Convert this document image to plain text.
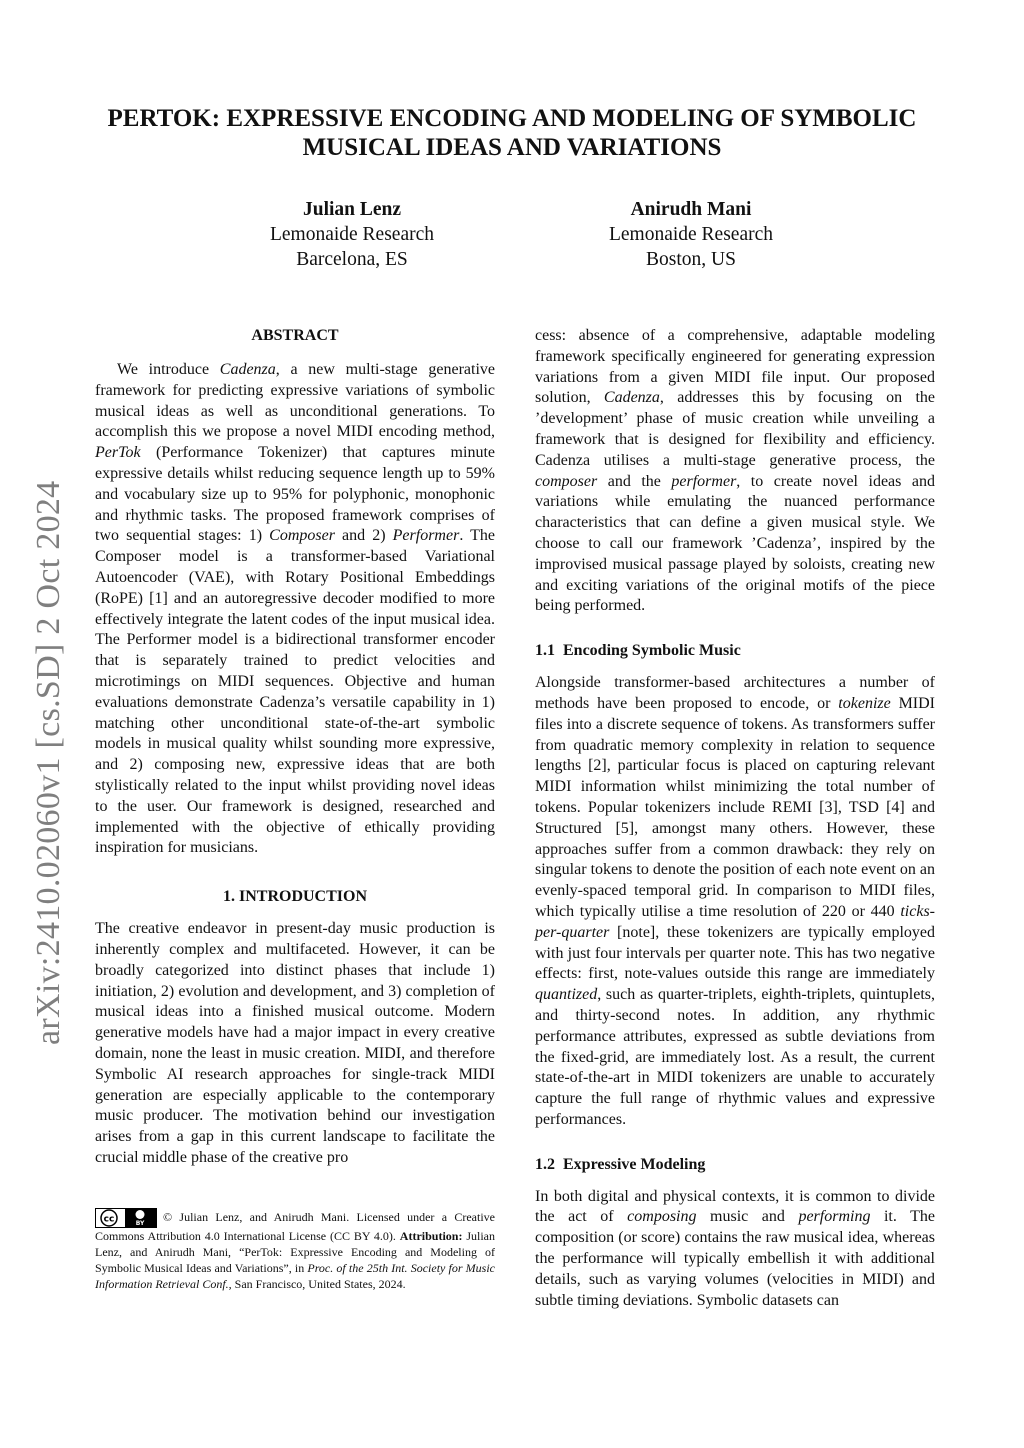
PERTOK: EXPRESSIVE ENCODING AND MODELING OF SYMBOLIC
MUSICAL IDEAS AND VARIATIONS
Julian Lenz
Lemonaide Research
Barcelona, ES
Anirudh Mani
Lemonaide Research
Boston, US
arXiv:2410.02060v1 [cs.SD] 2 Oct 2024

ABSTRACT

We introduce Cadenza, a new multi-stage generative framework for predicting expressive variations of symbolic musical ideas as well as unconditional generations. To accomplish this we propose a novel MIDI encoding method, PerTok (Performance Tokenizer) that captures minute expressive details whilst reducing sequence length up to 59% and vocabulary size up to 95% for polyphonic, monophonic and rhythmic tasks. The proposed framework comprises of two sequential stages: 1) Composer and 2) Performer. The Composer model is a transformer-based Variational Autoencoder (VAE), with Rotary Positional Embeddings (RoPE) [1] and an autoregressive decoder modified to more effectively integrate the latent codes of the input musical idea. The Performer model is a bidirectional transformer encoder that is separately trained to predict velocities and microtimings on MIDI sequences. Objective and human evaluations demonstrate Cadenza’s versatile capability in 1) matching other unconditional state-of-the-art symbolic models in musical quality whilst sounding more expressive, and 2) composing new, expressive ideas that are both stylistically related to the input whilst providing novel ideas to the user. Our framework is designed, researched and implemented with the objective of ethically providing inspiration for musicians.

1. INTRODUCTION

The creative endeavor in present-day music production is inherently complex and multifaceted. However, it can be broadly categorized into distinct phases that include 1) initiation, 2) evolution and development, and 3) completion of musical ideas into a finished musical outcome. Modern generative models have had a major impact in every creative domain, none the least in music creation. MIDI, and therefore Symbolic AI research approaches for single-track MIDI generation are especially applicable to the contemporary music producer. The motivation behind our investigation arises from a gap in this current landscape to facilitate the crucial middle phase of the creative pro

cc	BY © Julian Lenz, and Anirudh Mani. Licensed under a Creative Commons Attribution 4.0 International License (CC BY 4.0). Attribution: Julian Lenz, and Anirudh Mani, “PerTok: Expressive Encoding and Modeling of Symbolic Musical Ideas and Variations”, in Proc. of the 25th Int. Society for Music Information Retrieval Conf., San Francisco, United States, 2024.

cess: absence of a comprehensive, adaptable modeling framework specifically engineered for generating expression variations from a given MIDI file input. Our proposed solution, Cadenza, addresses this by focusing on the ’development’ phase of music creation while unveiling a framework that is designed for flexibility and efficiency. Cadenza utilises a multi-stage generative process, the composer and the performer, to create novel ideas and variations while emulating the nuanced performance characteristics that can define a given musical style. We choose to call our framework ’Cadenza’, inspired by the improvised musical passage played by soloists, creating new and exciting variations of the original motifs of the piece being performed.

1.1 Encoding Symbolic Music

Alongside transformer-based architectures a number of methods have been proposed to encode, or tokenize MIDI files into a discrete sequence of tokens. As transformers suffer from quadratic memory complexity in relation to sequence lengths [2], particular focus is placed on capturing relevant MIDI information whilst minimizing the total number of tokens. Popular tokenizers include REMI [3], TSD [4] and Structured [5], amongst many others. However, these approaches suffer from a common drawback: they rely on singular tokens to denote the position of each note event on an evenly-spaced temporal grid. In comparison to MIDI files, which typically utilise a time resolution of 220 or 440 ticks-per-quarter [note], these tokenizers are typically employed with just four intervals per quarter note. This has two negative effects: first, note-values outside this range are immediately quantized, such as quarter-triplets, eighth-triplets, quintuplets, and thirty-second notes. In addition, any rhythmic performance attributes, expressed as subtle deviations from the fixed-grid, are immediately lost. As a result, the current state-of-the-art in MIDI tokenizers are unable to accurately capture the full range of rhythmic values and expressive performances.

1.2 Expressive Modeling

In both digital and physical contexts, it is common to divide the act of composing music and performing it. The composition (or score) contains the raw musical idea, whereas the performance will typically embellish it with additional details, such as varying volumes (velocities in MIDI) and subtle timing deviations. Symbolic datasets can
